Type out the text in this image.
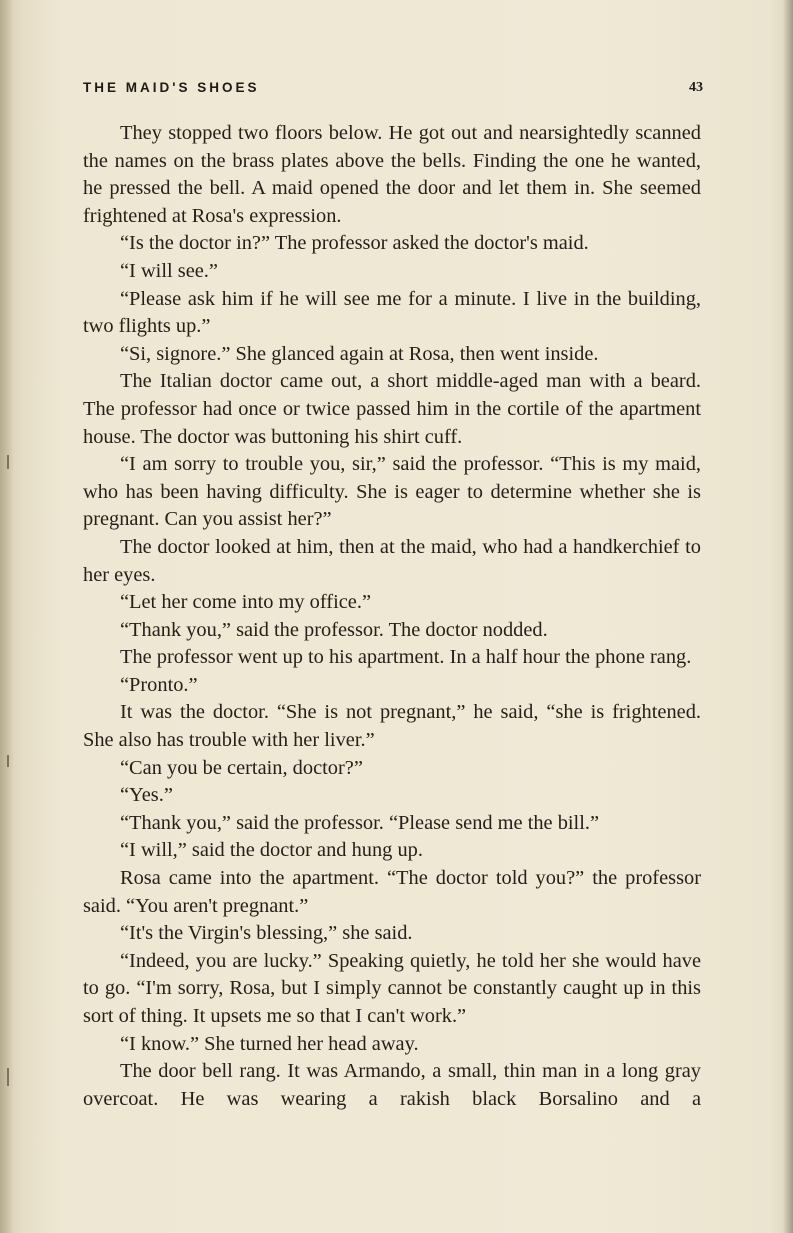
THE MAID'S SHOES	43

They stopped two floors below. He got out and nearsightedly scanned the names on the brass plates above the bells. Finding the one he wanted, he pressed the bell. A maid opened the door and let them in. She seemed frightened at Rosa's expression.

“Is the doctor in?” The professor asked the doctor's maid.

“I will see.”

“Please ask him if he will see me for a minute. I live in the building, two flights up.”

“Si, signore.” She glanced again at Rosa, then went inside.

The Italian doctor came out, a short middle-aged man with a beard. The professor had once or twice passed him in the cortile of the apartment house. The doctor was buttoning his shirt cuff.

“I am sorry to trouble you, sir,” said the professor. “This is my maid, who has been having difficulty. She is eager to determine whether she is pregnant. Can you assist her?”

The doctor looked at him, then at the maid, who had a handkerchief to her eyes.

“Let her come into my office.”

“Thank you,” said the professor. The doctor nodded.

The professor went up to his apartment. In a half hour the phone rang.

“Pronto.”

It was the doctor. “She is not pregnant,” he said, “she is frightened. She also has trouble with her liver.”

“Can you be certain, doctor?”

“Yes.”

“Thank you,” said the professor. “Please send me the bill.”

“I will,” said the doctor and hung up.

Rosa came into the apartment. “The doctor told you?” the professor said. “You aren't pregnant.”

“It's the Virgin's blessing,” she said.

“Indeed, you are lucky.” Speaking quietly, he told her she would have to go. “I'm sorry, Rosa, but I simply cannot be constantly caught up in this sort of thing. It upsets me so that I can't work.”

“I know.” She turned her head away.

The door bell rang. It was Armando, a small, thin man in a long gray overcoat. He was wearing a rakish black Borsalino and a
